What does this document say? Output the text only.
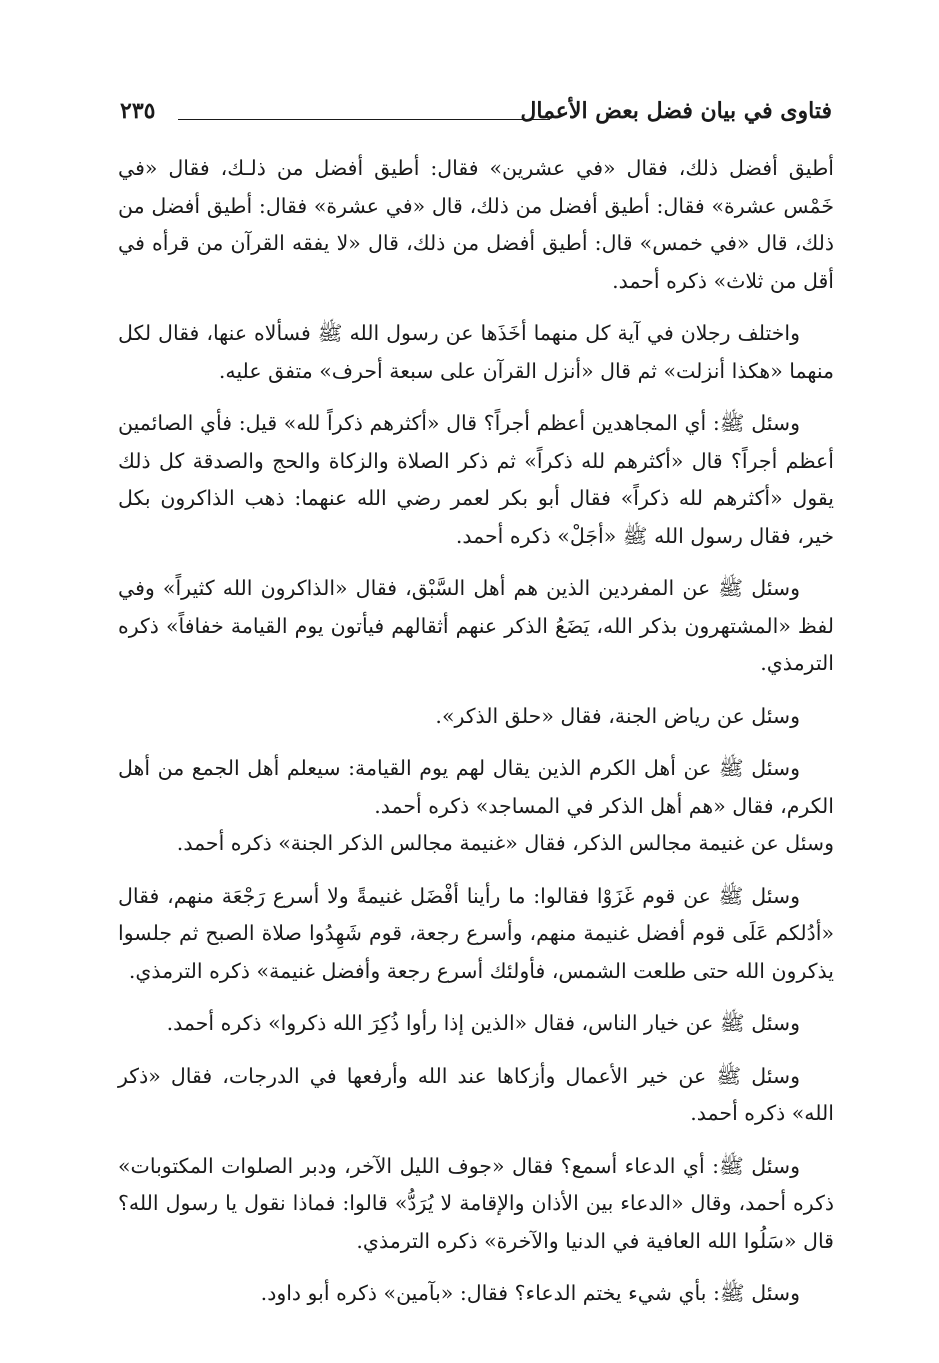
فتاوى في بيان فضل بعض الأعمال
٢٣٥

أطيق أفضل ذلك، فقال «في عشرين» فقال: أطيق أفضل من ذلـك، فقال «في خَمْس عشرة» فقال: أطيق أفضل من ذلك، قال «في عشرة» فقال: أطيق أفضل من ذلك، قال «في خمس» قال: أطيق أفضل من ذلك، قال «لا يفقه القرآن من قرأه في أقل من ثلاث» ذكره أحمد.

واختلف رجلان في آية كل منهما أخَذَها عن رسول الله ﷺ فسألاه عنها، فقال لكل منهما «هكذا أنزلت» ثم قال «أنزل القرآن على سبعة أحرف» متفق عليه.

وسئل ﷺ: أي المجاهدين أعظم أجراً؟ قال «أكثرهم ذكراً لله» قيل: فأي الصائمين أعظم أجراً؟ قال «أكثرهم لله ذكراً» ثم ذكر الصلاة والزكاة والحج والصدقة كل ذلك يقول «أكثرهم لله ذكراً» فقال أبو بكر لعمر رضي الله عنهما: ذهب الذاكرون بكل خير، فقال رسول الله ﷺ «أجَلْ» ذكره أحمد.

وسئل ﷺ عن المفردين الذين هم أهل السَّبْق، فقال «الذاكرون الله كثيراً» وفي لفظ «المشتهرون بذكر الله، يَضَعُ الذكر عنهم أثقالهم فيأتون يوم القيامة خفافاً» ذكره الترمذي.

وسئل عن رياض الجنة، فقال «حلق الذكر».

وسئل ﷺ عن أهل الكرم الذين يقال لهم يوم القيامة: سيعلم أهل الجمع من أهل الكرم، فقال «هم أهل الذكر في المساجد» ذكره أحمد.

وسئل عن غنيمة مجالس الذكر، فقال «غنيمة مجالس الذكر الجنة» ذكره أحمد.

وسئل ﷺ عن قوم غَزَوْا فقالوا: ما رأينا أفْضَل غنيمةً ولا أسرع رَجْعَة منهم، فقال «أدُلكم عَلَى قوم أفضل غنيمة منهم، وأسرع رجعة، قوم شَهِدُوا صلاة الصبح ثم جلسوا يذكرون الله حتى طلعت الشمس، فأولئك أسرع رجعة وأفضل غنيمة» ذكره الترمذي.

وسئل ﷺ عن خيار الناس، فقال «الذين إذا رأوا ذُكِرَ الله ذكروا» ذكره أحمد.

وسئل ﷺ عن خير الأعمال وأزكاها عند الله وأرفعها في الدرجات، فقال «ذكر الله» ذكره أحمد.

وسئل ﷺ: أي الدعاء أسمع؟ فقال «جوف الليل الآخر، ودبر الصلوات المكتوبات» ذكره أحمد، وقال «الدعاء بين الأذان والإقامة لا يُرَدُّ» قالوا: فماذا نقول يا رسول الله؟ قال «سَلُوا الله العافية في الدنيا والآخرة» ذكره الترمذي.

وسئل ﷺ: بأي شيء يختم الدعاء؟ فقال: «بآمين» ذكره أبو داود.
